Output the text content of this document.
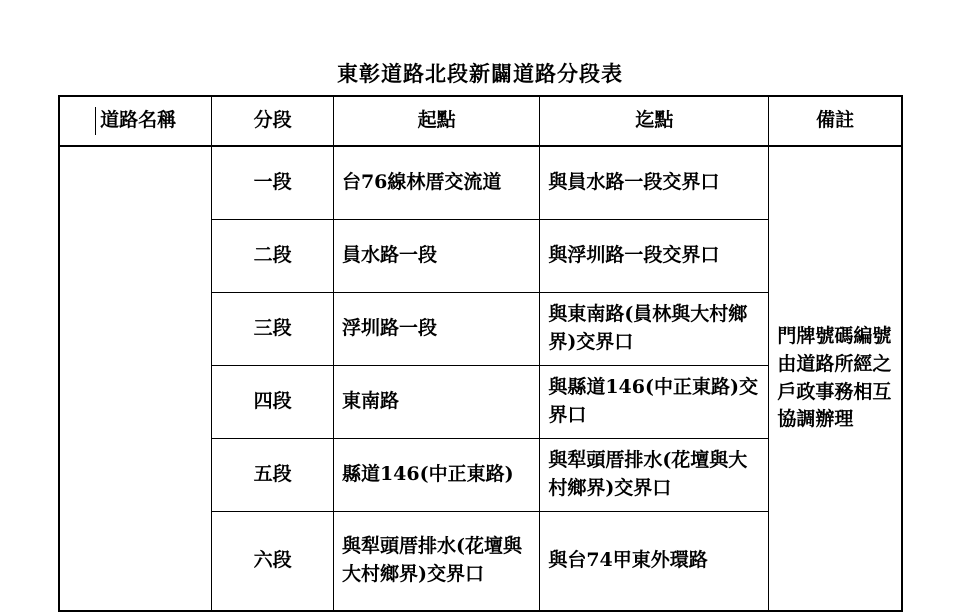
東彰道路北段新闢道路分段表
道路名稱	分段	起點	迄點	備註
	一段	台76線林厝交流道	與員水路一段交界口	門牌號碼編號由道路所經之戶政事務相互協調辦理
	二段	員水路一段	與浮圳路一段交界口	
	三段	浮圳路一段	與東南路(員林與大村鄉界)交界口	
	四段	東南路	與縣道146(中正東路)交界口	
	五段	縣道146(中正東路)	與犁頭厝排水(花壇與大村鄉界)交界口	
	六段	與犁頭厝排水(花壇與大村鄉界)交界口	與台74甲東外環路	
